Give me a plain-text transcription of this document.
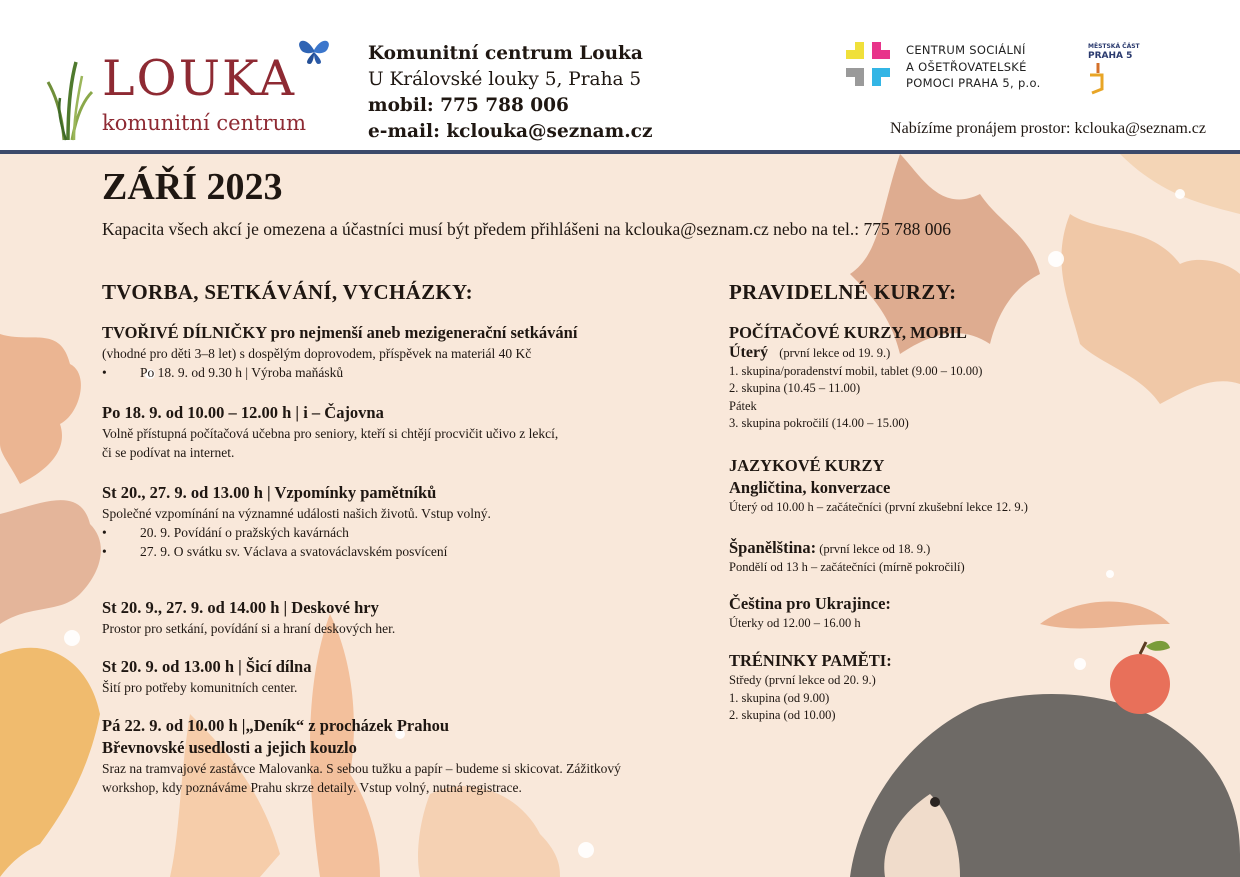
LOUKA
komunitní centrum
Komunitní centrum Louka
U Královské louky 5, Praha 5
mobil: 775 788 006
e-mail: kclouka@seznam.cz
CENTRUM SOCIÁLNÍ
A OŠETŘOVATELSKÉ
POMOCI PRAHA 5, p.o.
MĚSTSKÁ ČÁST
PRAHA 5
Nabízíme pronájem prostor: kclouka@seznam.cz
ZÁŘÍ 2023
Kapacita všech akcí je omezena a účastníci musí být předem přihlášeni na kclouka@seznam.cz nebo na tel.: 775 788 006
TVORBA, SETKÁVÁNÍ, VYCHÁZKY:	PRAVIDELNÉ KURZY:
TVOŘIVÉ DÍLNIČKY pro nejmenší aneb mezigenerační setkávání
(vhodné pro děti 3–8 let) s dospělým doprovodem, příspěvek na materiál 40 Kč
• Po 18. 9. od 9.30 h | Výroba maňásků
Po 18. 9. od 10.00 – 12.00 h | i – Čajovna
Volně přístupná počítačová učebna pro seniory, kteří si chtějí procvičit učivo z lekcí,
či se podívat na internet.
St 20., 27. 9. od 13.00 h | Vzpomínky pamětníků
Společné vzpomínání na významné události našich životů. Vstup volný.
• 20. 9. Povídání o pražských kavárnách
• 27. 9. O svátku sv. Václava a svatováclavském posvícení
St 20. 9., 27. 9. od 14.00 h | Deskové hry
Prostor pro setkání, povídání si a hraní deskových her.
St 20. 9. od 13.00 h | Šicí dílna
Šití pro potřeby komunitních center.
Pá 22. 9. od 10.00 h |„Deník“ z procházek Prahou
Břevnovské usedlosti a jejich kouzlo
Sraz na tramvajové zastávce Malovanka. S sebou tužku a papír – budeme si skicovat. Zážitkový
workshop, kdy poznáváme Prahu skrze detaily. Vstup volný, nutná registrace.
POČÍTAČOVÉ KURZY, MOBIL
Úterý (první lekce od 19. 9.)
1. skupina/poradenství mobil, tablet (9.00 – 10.00)
2. skupina (10.45 – 11.00)
Pátek
3. skupina pokročilí (14.00 – 15.00)
JAZYKOVÉ KURZY
Angličtina, konverzace
Úterý od 10.00 h – začátečníci (první zkušební lekce 12. 9.)
Španělština: (první lekce od 18. 9.)
Pondělí od 13 h – začátečníci (mírně pokročilí)
Čeština pro Ukrajince:
Úterky od 12.00 – 16.00 h
TRÉNINKY PAMĚTI:
Středy (první lekce od 20. 9.)
1. skupina (od 9.00)
2. skupina (od 10.00)
